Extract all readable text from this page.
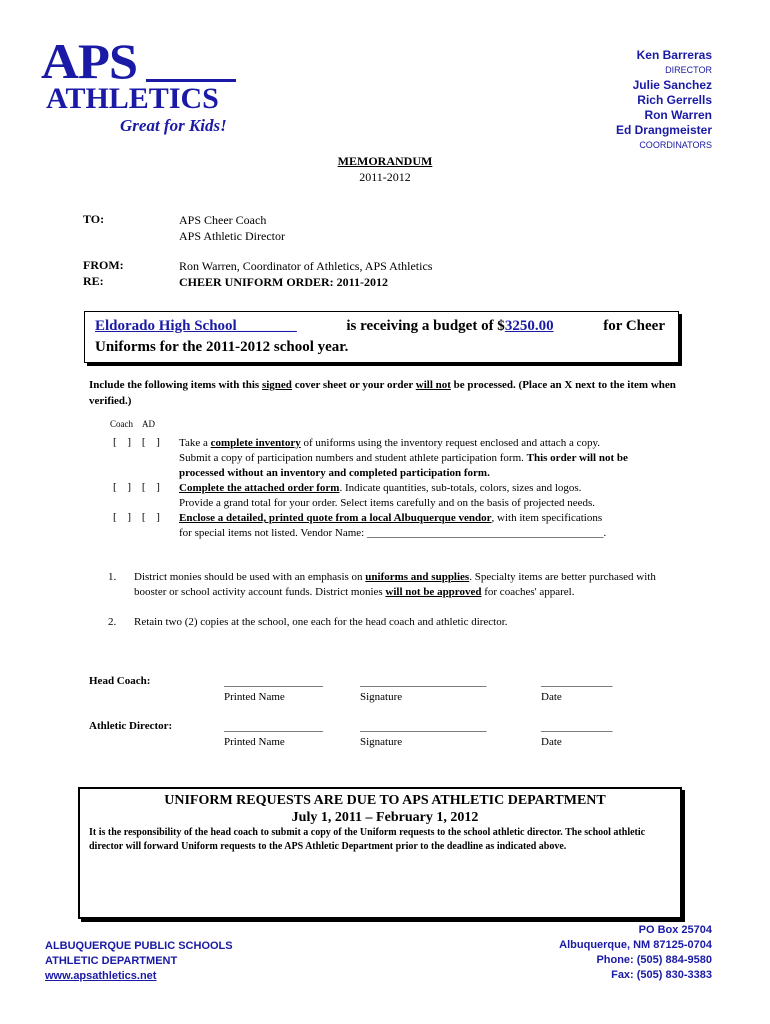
APS
ATHLETICS
Great for Kids!
Ken Barreras
DIRECTOR
Julie Sanchez
Rich Gerrells
Ron Warren
Ed Drangmeister
COORDINATORS
MEMORANDUM
2011-2012
TO:	APS Cheer Coach
APS Athletic Director
FROM:	Ron Warren, Coordinator of Athletics, APS Athletics
RE:	CHEER UNIFORM ORDER: 2011-2012
Eldorado High School________	is receiving a budget of $3250.00	for Cheer
Uniforms for the 2011-2012 school year.
Include the following items with this signed cover sheet or your order will not be processed. (Place an X next to the item when verified.)
Coach AD
[ ] [ ] Take a complete inventory of uniforms using the inventory request enclosed and attach a copy.
Submit a copy of participation numbers and student athlete participation form. This order will not be processed without an inventory and completed participation form.
[ ] [ ] Complete the attached order form. Indicate quantities, sub-totals, colors, sizes and logos.
Provide a grand total for your order. Select items carefully and on the basis of projected needs.
[ ] [ ] Enclose a detailed, printed quote from a local Albuquerque vendor, with item specifications
for special items not listed. Vendor Name: ___________________________________________.
1. District monies should be used with an emphasis on uniforms and supplies. Specialty items are better purchased with booster or school activity account funds. District monies will not be approved for coaches' apparel.
2. Retain two (2) copies at the school, one each for the head coach and athletic director.
Head Coach:	__________________
Printed Name
_______________________
Signature
_____________
Date
Athletic Director:	__________________
Printed Name
_______________________
Signature
_____________
Date
UNIFORM REQUESTS ARE DUE TO APS ATHLETIC DEPARTMENT
July 1, 2011 – February 1, 2012
It is the responsibility of the head coach to submit a copy of the Uniform requests to the school athletic director. The school athletic director will forward Uniform requests to the APS Athletic Department prior to the deadline as indicated above.
ALBUQUERQUE PUBLIC SCHOOLS
ATHLETIC DEPARTMENT
www.apsathletics.net
PO Box 25704
Albuquerque, NM 87125-0704
Phone: (505) 884-9580
Fax: (505) 830-3383
